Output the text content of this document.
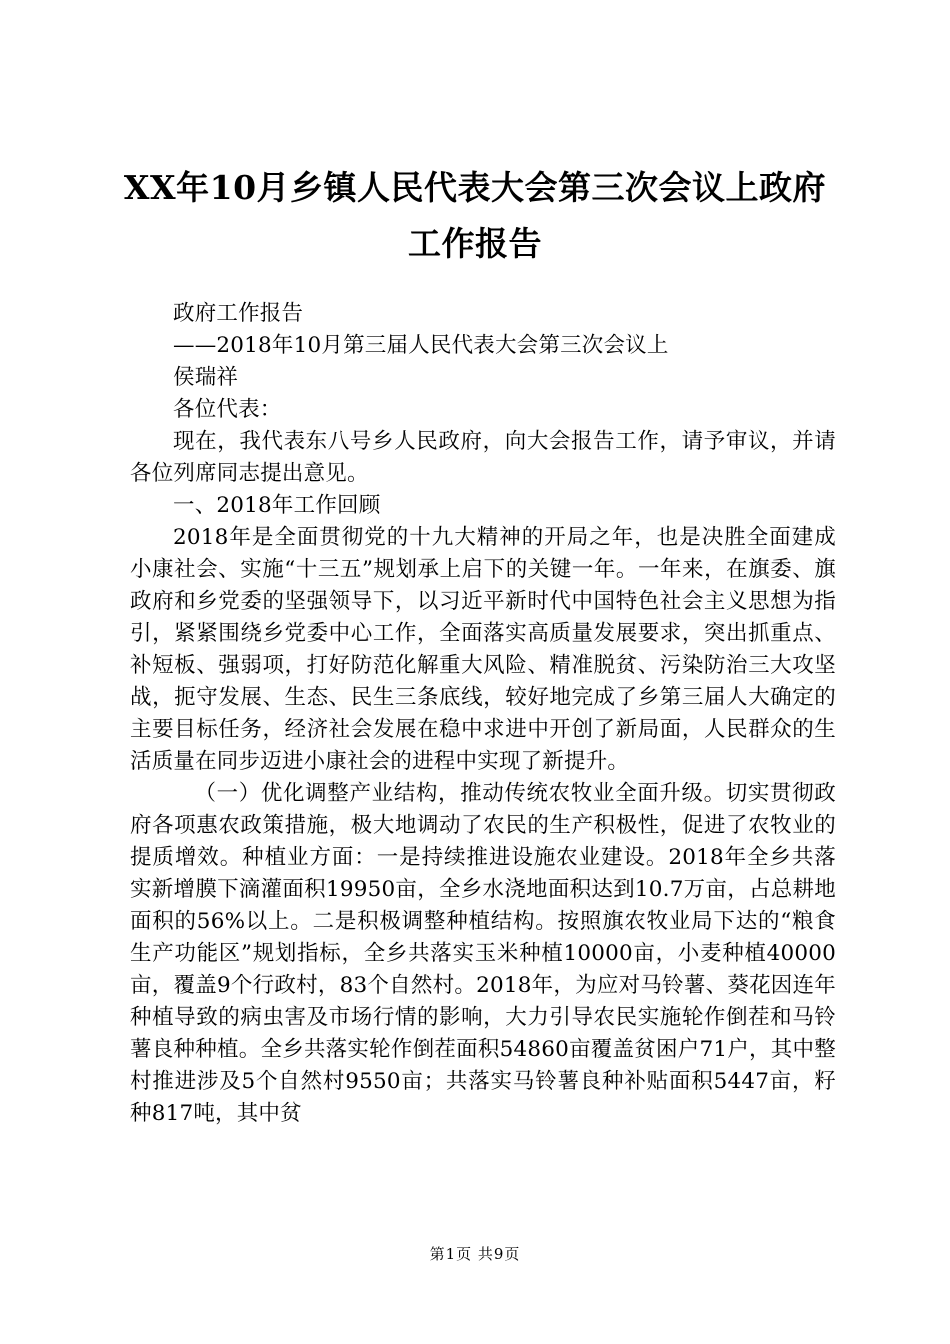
XX年10月乡镇人民代表大会第三次会议上政府工作报告

政府工作报告

——2018年10月第三届人民代表大会第三次会议上

侯瑞祥

各位代表：

现在，我代表东八号乡人民政府，向大会报告工作，请予审议，并请各位列席同志提出意见。

一、2018年工作回顾

2018年是全面贯彻党的十九大精神的开局之年，也是决胜全面建成小康社会、实施“十三五”规划承上启下的关键一年。一年来，在旗委、旗政府和乡党委的坚强领导下，以习近平新时代中国特色社会主义思想为指引，紧紧围绕乡党委中心工作，全面落实高质量发展要求，突出抓重点、补短板、强弱项，打好防范化解重大风险、精准脱贫、污染防治三大攻坚战，扼守发展、生态、民生三条底线，较好地完成了乡第三届人大确定的主要目标任务，经济社会发展在稳中求进中开创了新局面，人民群众的生活质量在同步迈进小康社会的进程中实现了新提升。

（一）优化调整产业结构，推动传统农牧业全面升级。切实贯彻政府各项惠农政策措施，极大地调动了农民的生产积极性，促进了农牧业的提质增效。种植业方面：一是持续推进设施农业建设。2018年全乡共落实新增膜下滴灌面积19950亩，全乡水浇地面积达到10.7万亩，占总耕地面积的56%以上。二是积极调整种植结构。按照旗农牧业局下达的“粮食生产功能区”规划指标，全乡共落实玉米种植10000亩，小麦种植40000亩，覆盖9个行政村，83个自然村。2018年，为应对马铃薯、葵花因连年种植导致的病虫害及市场行情的影响，大力引导农民实施轮作倒茬和马铃薯良种种植。全乡共落实轮作倒茬面积54860亩覆盖贫困户71户，其中整村推进涉及5个自然村9550亩；共落实马铃薯良种补贴面积5447亩，籽种817吨，其中贫

第1页 共9页
